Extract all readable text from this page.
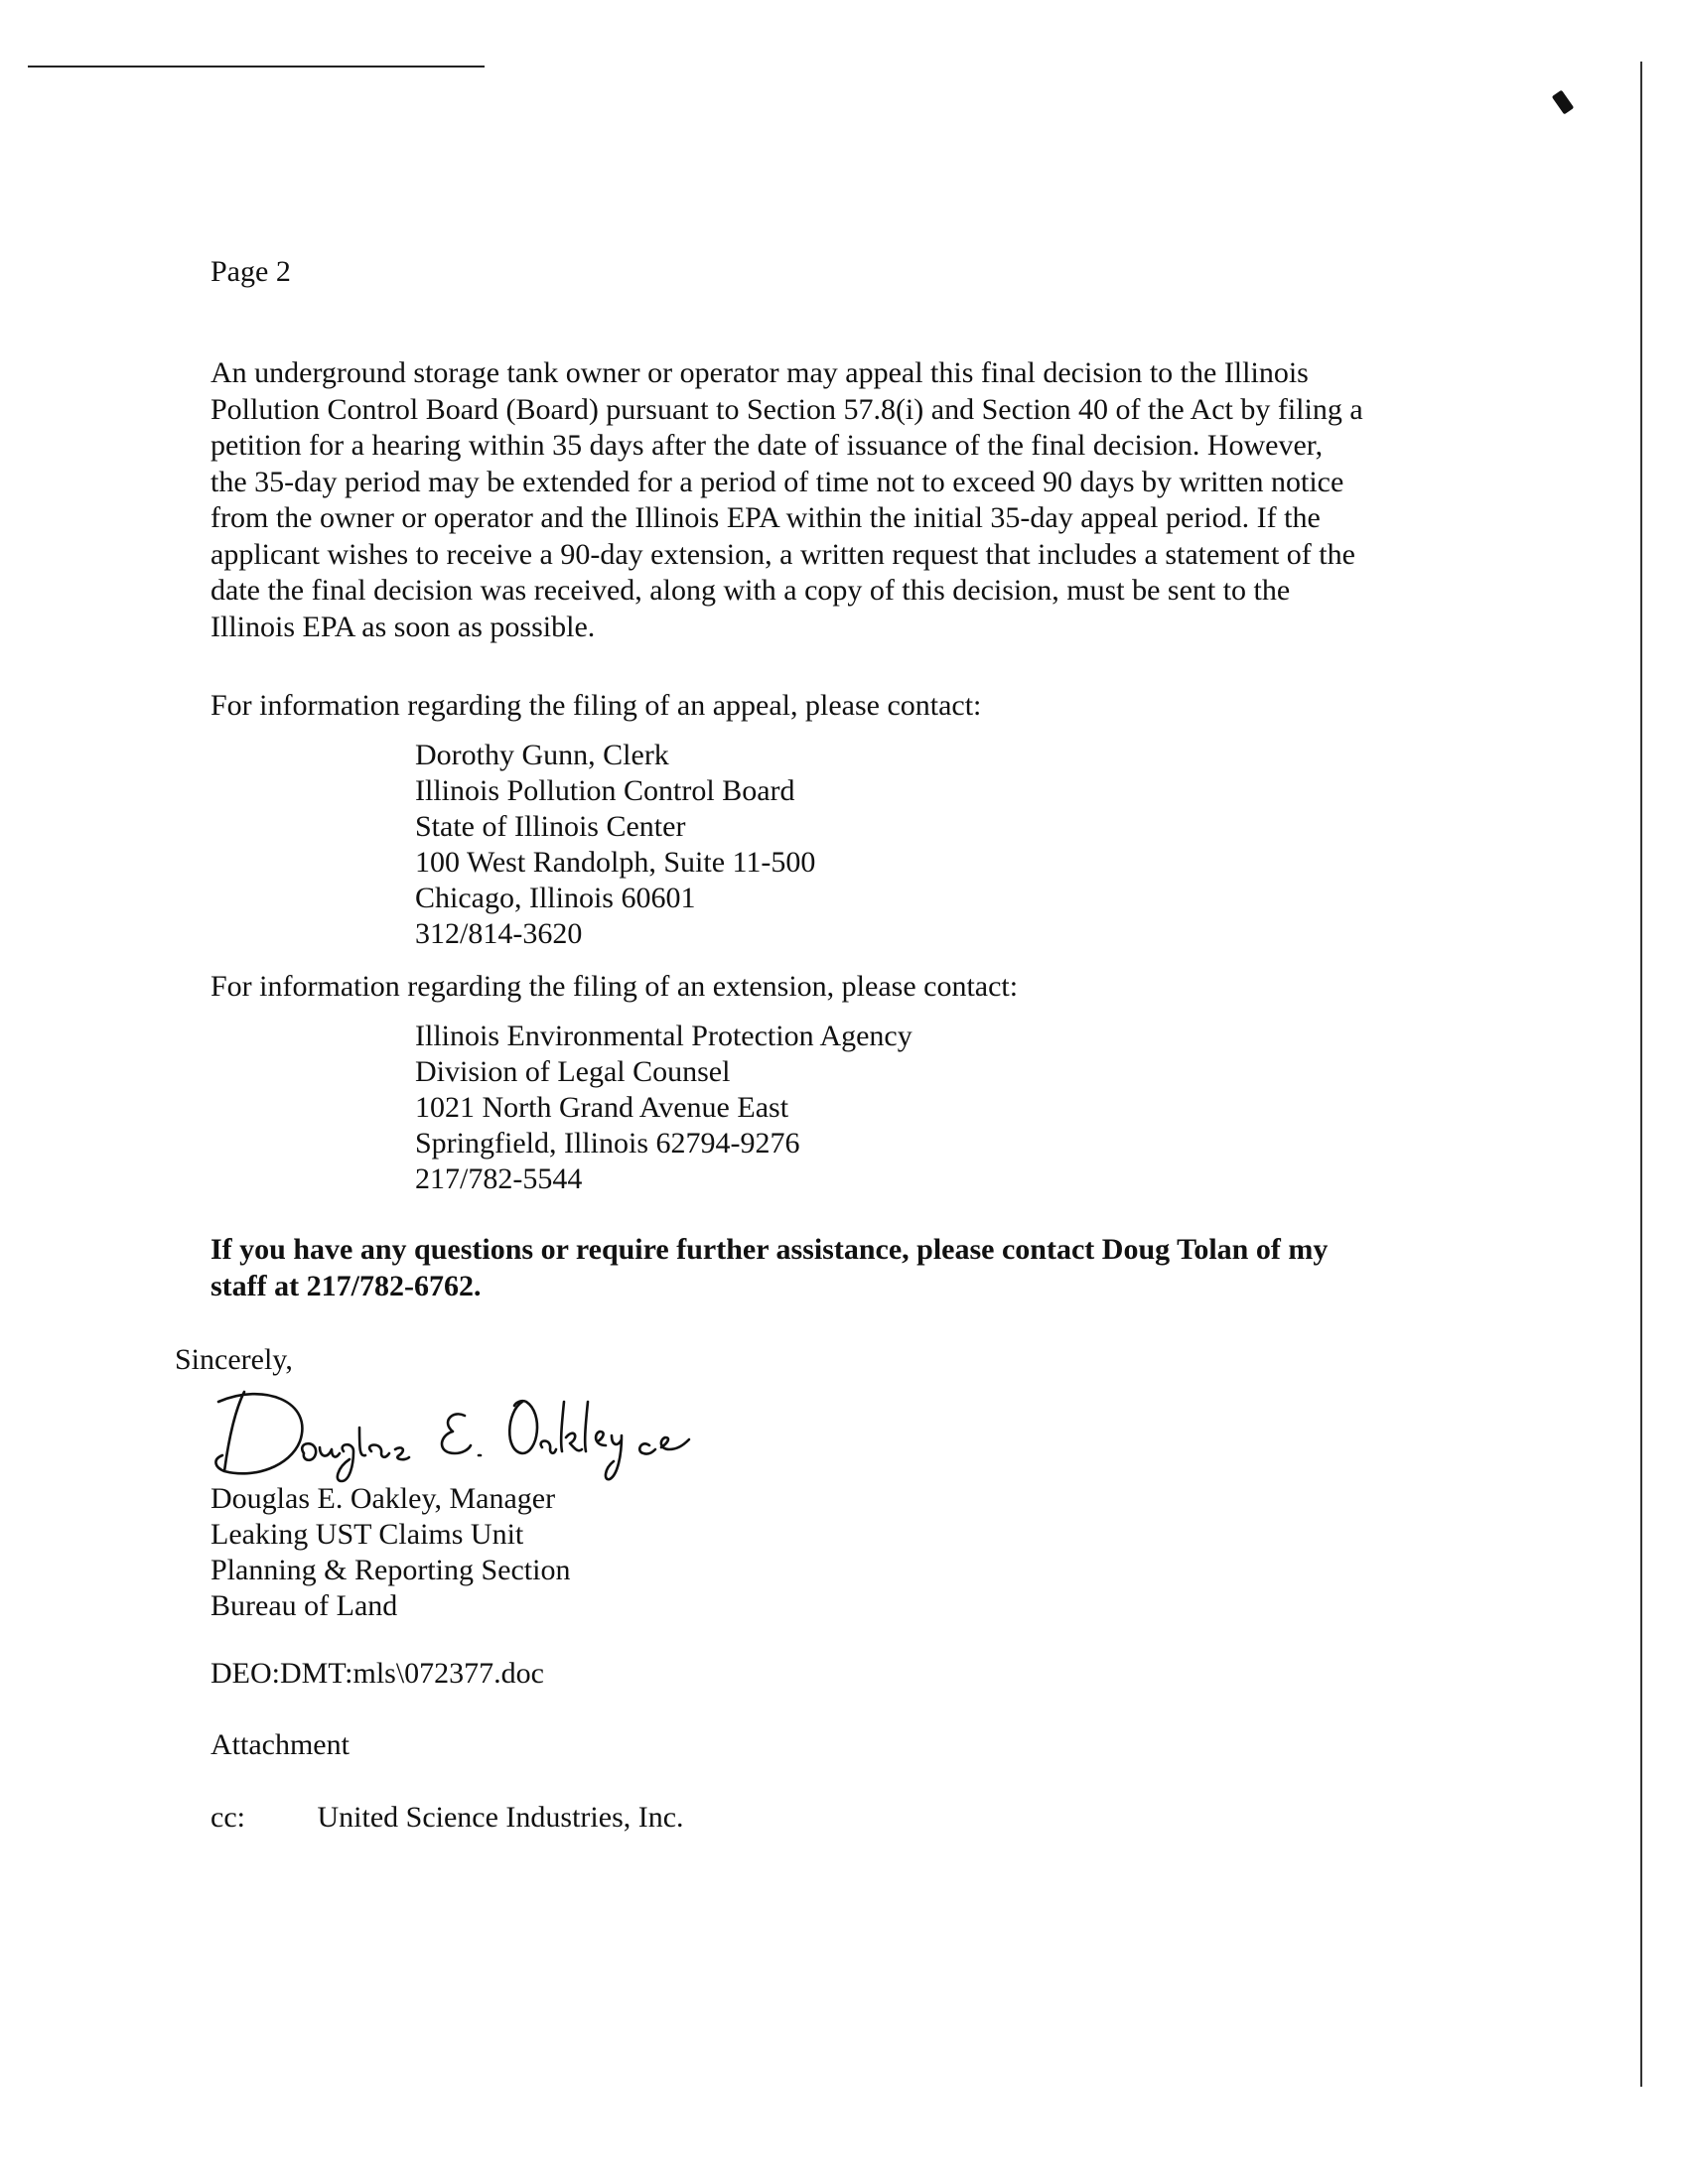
Page 2
An underground storage tank owner or operator may appeal this final decision to the Illinois
Pollution Control Board (Board) pursuant to Section 57.8(i) and Section 40 of the Act by filing a
petition for a hearing within 35 days after the date of issuance of the final decision. However,
the 35-day period may be extended for a period of time not to exceed 90 days by written notice
from the owner or operator and the Illinois EPA within the initial 35-day appeal period. If the
applicant wishes to receive a 90-day extension, a written request that includes a statement of the
date the final decision was received, along with a copy of this decision, must be sent to the
Illinois EPA as soon as possible.
For information regarding the filing of an appeal, please contact:
Dorothy Gunn, Clerk
Illinois Pollution Control Board
State of Illinois Center
100 West Randolph, Suite 11-500
Chicago, Illinois 60601
312/814-3620
For information regarding the filing of an extension, please contact:
Illinois Environmental Protection Agency
Division of Legal Counsel
1021 North Grand Avenue East
Springfield, Illinois 62794-9276
217/782-5544
If you have any questions or require further assistance, please contact Doug Tolan of my
staff at 217/782-6762.
Sincerely,
Douglas E. Oakley, Manager
Leaking UST Claims Unit
Planning & Reporting Section
Bureau of Land
DEO:DMT:mls\072377.doc
Attachment
cc: United Science Industries, Inc.
